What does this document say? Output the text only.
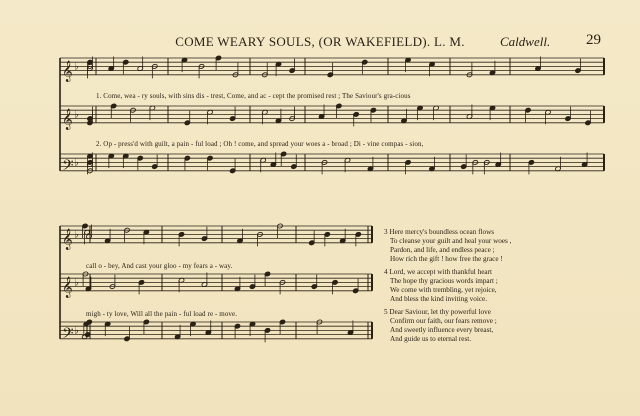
COME WEARY SOULS, (OR WAKEFIELD). L. M.	Caldwell. 29
𝄞 ♭
𝄞 ♭
𝄢 ♭
𝄞 ♭
𝄞 ♭
𝄢 ♭
1. Come, wea - ry souls, with sins dis - trest, Come, and ac - cept the promised rest ; The Saviour's gra-cious
2. Op - press'd with guilt, a pain - ful load ; Oh ! come, and spread your woes a - broad ; Di - vine compas - sion,
call o - bey, And cast your gloo - my fears a - way.
migh - ty love, Will all the pain - ful load re - move.
3 Here mercy's boundless ocean flows
To cleanse your guilt and heal your woes ,
Pardon, and life, and endless peace ;
How rich the gift ! how free the grace !
4 Lord, we accept with thankful heart
The hope thy gracious words impart ;
We come with trembling, yet rejoice,
And bless the kind inviting voice.
5 Dear Saviour, let thy powerful love
Confirm our faith, our fears remove ;
And sweetly influence every breast,
And guide us to eternal rest.
